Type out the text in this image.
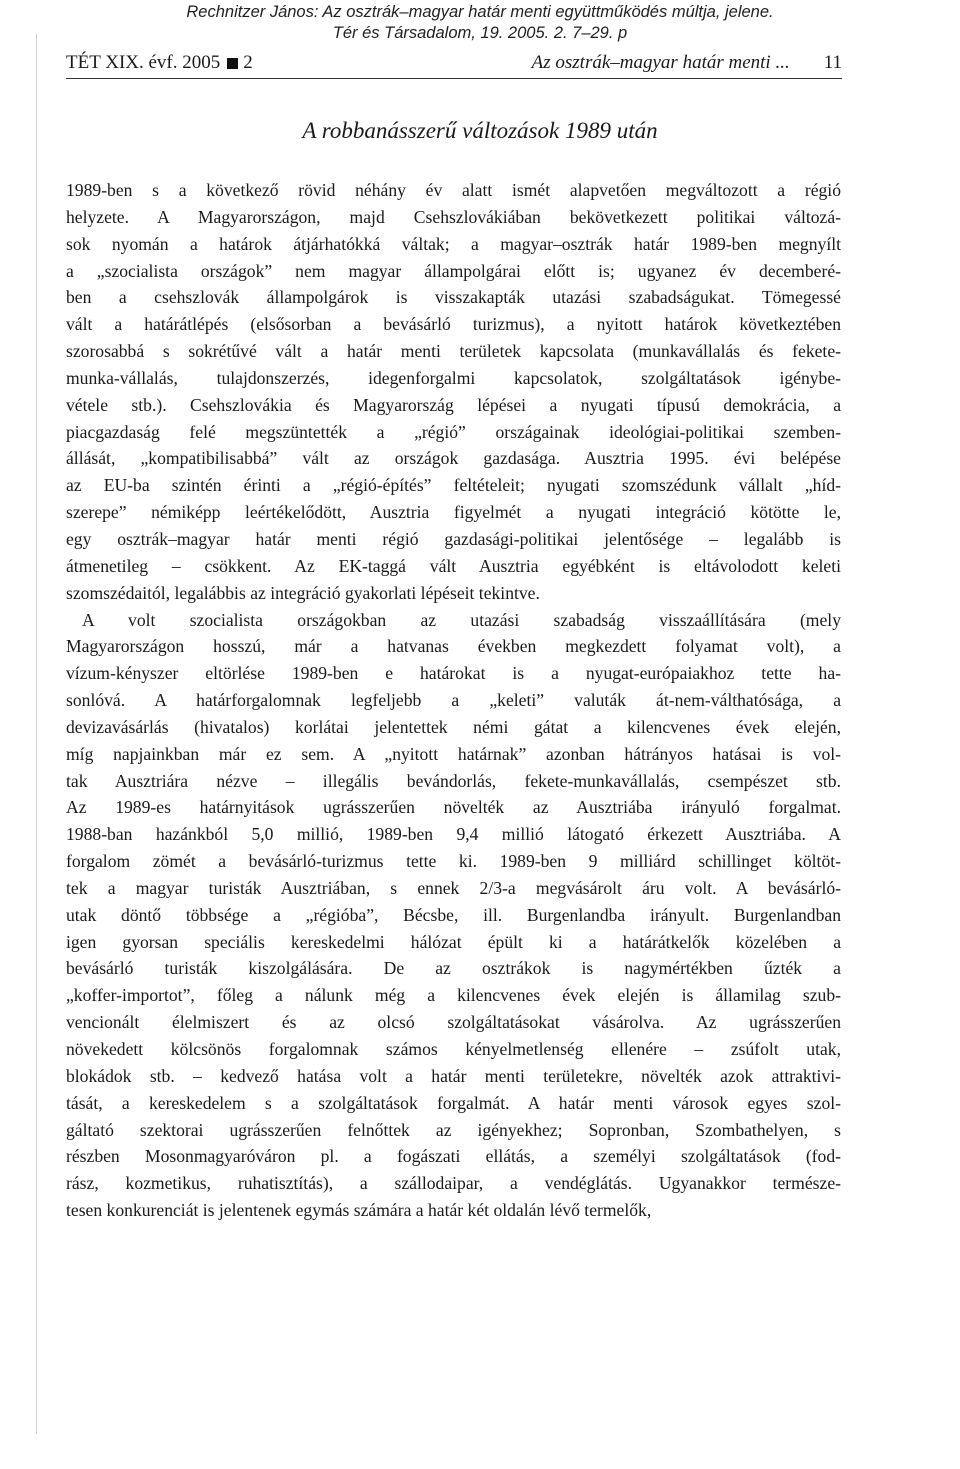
Rechnitzer János: Az osztrák–magyar határ menti együttműködés múltja, jelene.
Tér és Társadalom, 19. 2005. 2. 7–29. p
TÉT XIX. évf. 2005 2	Az osztrák–magyar határ menti ... 11
A robbanásszerű változások 1989 után

1989-ben s a következő rövid néhány év alatt ismét alapvetően megváltozott a régió
helyzete. A Magyarországon, majd Csehszlovákiában bekövetkezett politikai változá-
sok nyomán a határok átjárhatókká váltak; a magyar–osztrák határ 1989-ben megnyílt
a „szocialista országok” nem magyar állampolgárai előtt is; ugyanez év decemberé-
ben a csehszlovák állampolgárok is visszakapták utazási szabadságukat. Tömegessé
vált a határátlépés (elsősorban a bevásárló turizmus), a nyitott határok következtében
szorosabbá s sokrétűvé vált a határ menti területek kapcsolata (munkavállalás és fekete-
munka-vállalás, tulajdonszerzés, idegenforgalmi kapcsolatok, szolgáltatások igénybe-
vétele stb.). Csehszlovákia és Magyarország lépései a nyugati típusú demokrácia, a
piacgazdaság felé megszüntették a „régió” országainak ideológiai-politikai szemben-
állását, „kompatibilisabbá” vált az országok gazdasága. Ausztria 1995. évi belépése
az EU-ba szintén érinti a „régió-építés” feltételeit; nyugati szomszédunk vállalt „híd-
szerepe” némiképp leértékelődött, Ausztria figyelmét a nyugati integráció kötötte le,
egy osztrák–magyar határ menti régió gazdasági-politikai jelentősége – legalább is
átmenetileg – csökkent. Az EK-taggá vált Ausztria egyébként is eltávolodott keleti
szomszédaitól, legalábbis az integráció gyakorlati lépéseit tekintve.

A volt szocialista országokban az utazási szabadság visszaállítására (mely
Magyarországon hosszú, már a hatvanas években megkezdett folyamat volt), a
vízum-kényszer eltörlése 1989-ben e határokat is a nyugat-európaiakhoz tette ha-
sonlóvá. A határforgalomnak legfeljebb a „keleti” valuták át-nem-válthatósága, a
devizavásárlás (hivatalos) korlátai jelentettek némi gátat a kilencvenes évek elején,
míg napjainkban már ez sem. A „nyitott határnak” azonban hátrányos hatásai is vol-
tak Ausztriára nézve – illegális bevándorlás, fekete-munkavállalás, csempészet stb.
Az 1989-es határnyitások ugrásszerűen növelték az Ausztriába irányuló forgalmat.
1988-ban hazánkból 5,0 millió, 1989-ben 9,4 millió látogató érkezett Ausztriába. A
forgalom zömét a bevásárló-turizmus tette ki. 1989-ben 9 milliárd schillinget költöt-
tek a magyar turisták Ausztriában, s ennek 2/3-a megvásárolt áru volt. A bevásárló-
utak döntő többsége a „régióba”, Bécsbe, ill. Burgenlandba irányult. Burgenlandban
igen gyorsan speciális kereskedelmi hálózat épült ki a határátkelők közelében a
bevásárló turisták kiszolgálására. De az osztrákok is nagymértékben űzték a
„koffer-importot”, főleg a nálunk még a kilencvenes évek elején is államilag szub-
vencionált élelmiszert és az olcsó szolgáltatásokat vásárolva. Az ugrásszerűen
növekedett kölcsönös forgalomnak számos kényelmetlenség ellenére – zsúfolt utak,
blokádok stb. – kedvező hatása volt a határ menti területekre, növelték azok attraktivi-
tását, a kereskedelem s a szolgáltatások forgalmát. A határ menti városok egyes szol-
gáltató szektorai ugrásszerűen felnőttek az igényekhez; Sopronban, Szombathelyen, s
részben Mosonmagyaróváron pl. a fogászati ellátás, a személyi szolgáltatások (fod-
rász, kozmetikus, ruhatisztítás), a szállodaipar, a vendéglátás. Ugyanakkor természe-
tesen konkurenciát is jelentenek egymás számára a határ két oldalán lévő termelők,
